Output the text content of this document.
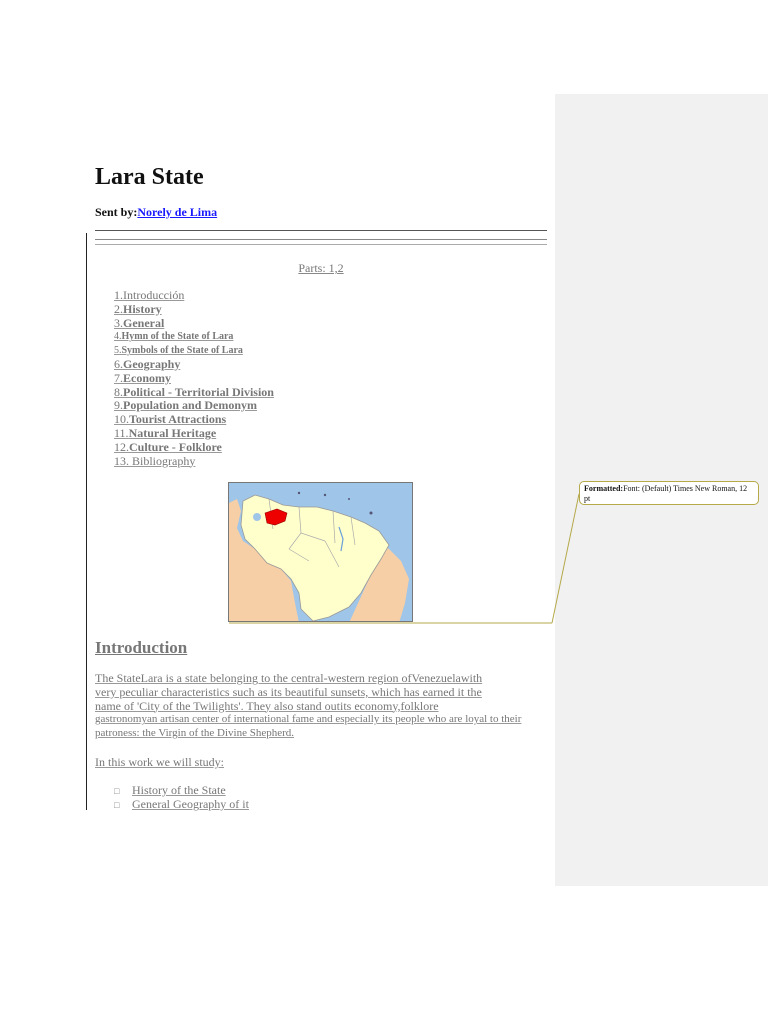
Lara State
Sent by:Norely de Lima
Parts: 1,2
1.Introducción
2.History
3.General
4.Hymn of the State of Lara
5.Symbols of the State of Lara
6.Geography
7.Economy
8.Political - Territorial Division
9.Population and Demonym
10.Tourist Attractions
11.Natural Heritage
12.Culture - Folklore
13. Bibliography
Formatted:Font: (Default) Times New Roman, 12 pt
Introduction
The StateLara is a state belonging to the central-western region ofVenezuelawith
very peculiar characteristics such as its beautiful sunsets, which has earned it the
name of 'City of the Twilights'. They also stand outits economy,folklore
gastronomyan artisan center of international fame and especially its people who are loyal to their
patroness: the Virgin of the Divine Shepherd.
In this work we will study:
□ History of the State
□ General Geography of it
